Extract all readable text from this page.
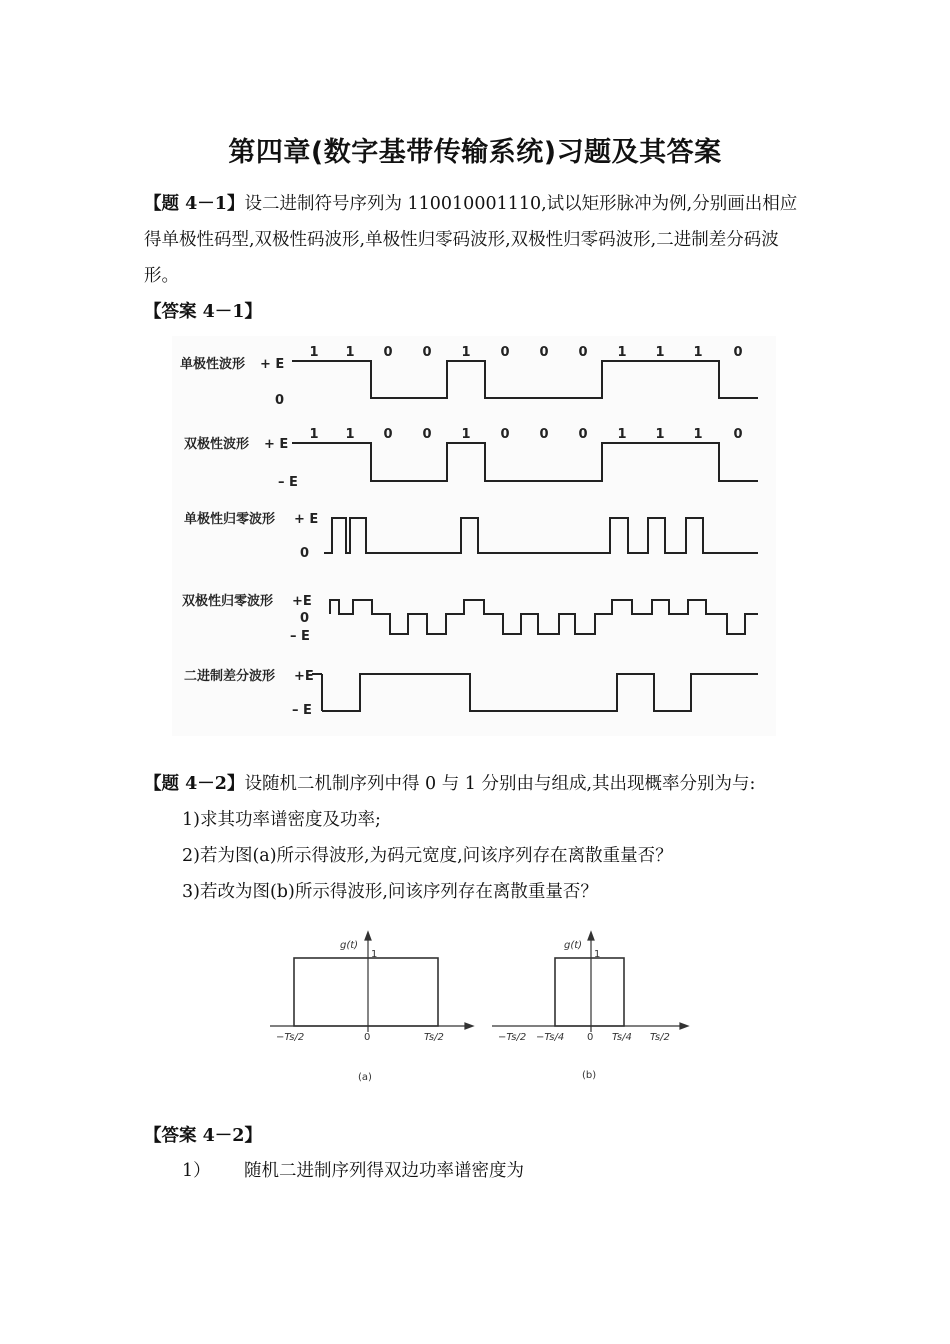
第四章(数字基带传输系统)习题及其答案
【题 4－1】设二进制符号序列为 110010001110,试以矩形脉冲为例,分别画出相应得单极性码型,双极性码波形,单极性归零码波形,双极性归零码波形,二进制差分码波形。
【答案 4－1】
单极性波形 + E
0
双极性波形 + E
– E
单极性归零波形 + E
0
双极性归零波形 +E
0
– E
二进制差分波形 +E
– E
1 1 0 0 1 0 0 0 1 1 1 0
1 1 0 0 1 0 0 0 1 1 1 0
【题 4－2】设随机二机制序列中得 0 与 1 分别由与组成,其出现概率分别为与:
1)求其功率谱密度及功率;
2)若为图(a)所示得波形,为码元宽度,问该序列存在离散重量否？
3)若改为图(b)所示得波形,问该序列存在离散重量否？
g(t)
1
−Ts/2	0	Ts/2
(a)
g(t)
1
−Ts/2 −Ts/4 0 Ts/4 Ts/2
(b)
【答案 4－2】
1） 随机二进制序列得双边功率谱密度为
